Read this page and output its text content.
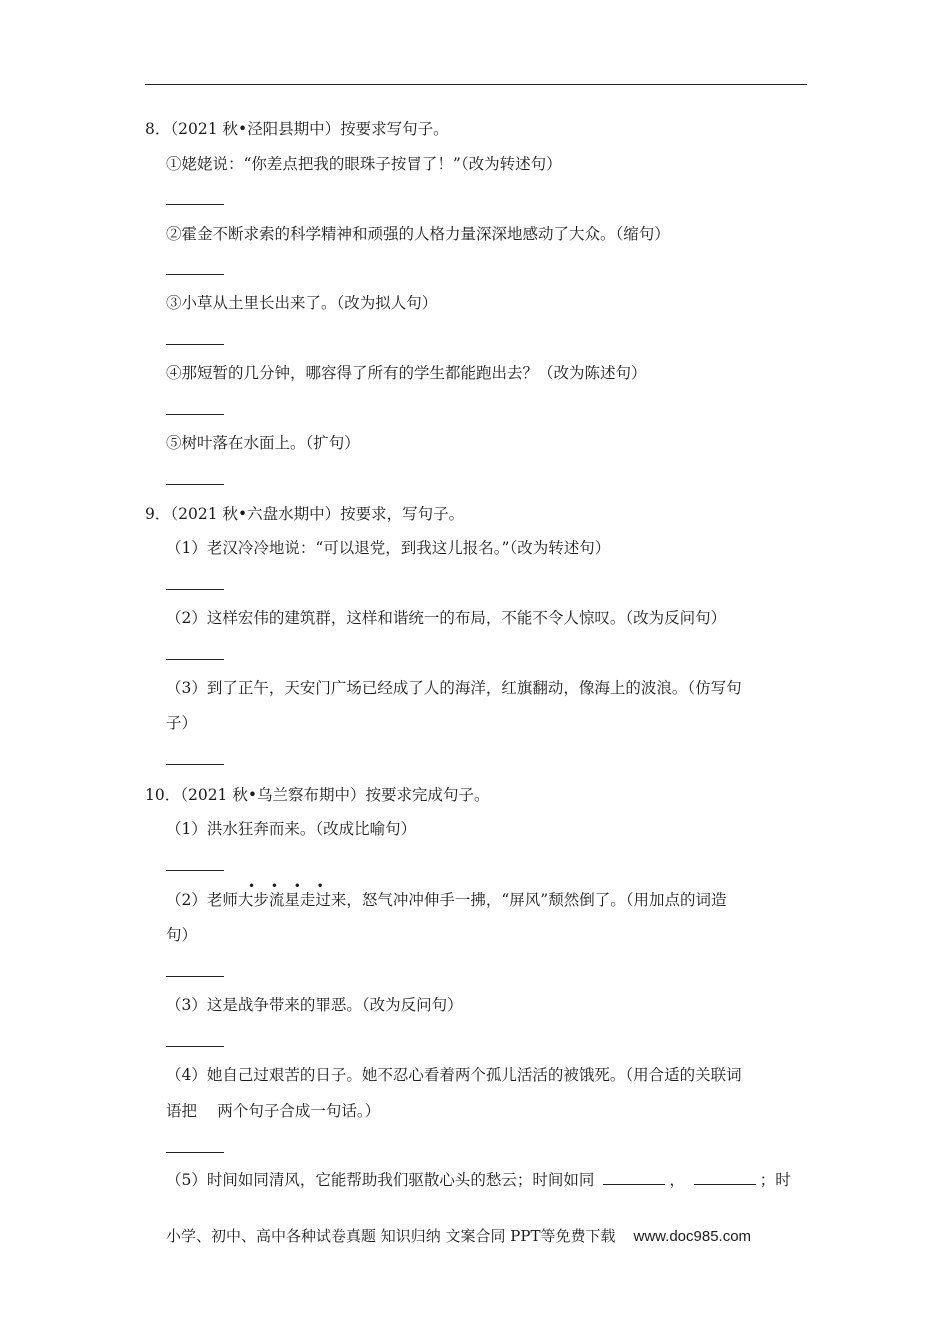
8．（2021 秋•泾阳县期中）按要求写句子。
①姥姥说：“你差点把我的眼珠子按冒了！”（改为转述句）
②霍金不断求索的科学精神和顽强的人格力量深深地感动了大众。（缩句）
③小草从土里长出来了。（改为拟人句）
④那短暂的几分钟，哪容得了所有的学生都能跑出去？（改为陈述句）
⑤树叶落在水面上。（扩句）
9．（2021 秋•六盘水期中）按要求，写句子。
（1）老汉冷冷地说：“可以退党，到我这儿报名。”（改为转述句）
（2）这样宏伟的建筑群，这样和谐统一的布局，不能不令人惊叹。（改为反问句）
（3）到了正午，天安门广场已经成了人的海洋，红旗翻动，像海上的波浪。（仿写句
子）
10．（2021 秋•乌兰察布期中）按要求完成句子。
（1）洪水狂奔而来。（改成比喻句）
• • • •
（2）老师大步流星走过来，怒气冲冲伸手一拂，“屏风”颓然倒了。（用加点的词造
句）
（3）这是战争带来的罪恶。（改为反问句）
（4）她自己过艰苦的日子。她不忍心看着两个孤儿活活的被饿死。（用合适的关联词
语把　 两个句子合成一句话。）
（5）时间如同清风，它能帮助我们驱散心头的愁云；时间如同	，	；时
小学、初中、高中各种试卷真题 知识归纳 文案合同 PPT等免费下载 www.doc985.com
